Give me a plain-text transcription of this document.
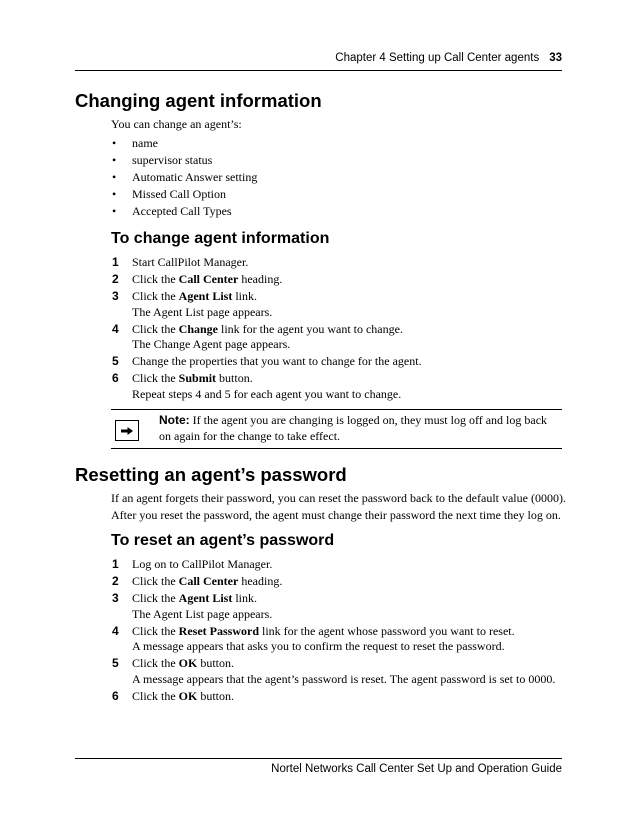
Chapter 4 Setting up Call Center agents 33
Changing agent information

You can change an agent’s:

• name
• supervisor status
• Automatic Answer setting
• Missed Call Option
• Accepted Call Types
To change agent information
1 Start CallPilot Manager.
2 Click the Call Center heading.
3 Click the Agent List link.
The Agent List page appears.
4 Click the Change link for the agent you want to change.
The Change Agent page appears.
5 Change the properties that you want to change for the agent.
6 Click the Submit button.
Repeat steps 4 and 5 for each agent you want to change.
Note: If the agent you are changing is logged on, they must log off and log back on again for the change to take effect.
Resetting an agent’s password

If an agent forgets their password, you can reset the password back to the default value (0000). After you reset the password, the agent must change their password the next time they log on.

To reset an agent’s password
1 Log on to CallPilot Manager.
2 Click the Call Center heading.
3 Click the Agent List link.
The Agent List page appears.
4 Click the Reset Password link for the agent whose password you want to reset.
A message appears that asks you to confirm the request to reset the password.
5 Click the OK button.
A message appears that the agent’s password is reset. The agent password is set to 0000.
6 Click the OK button.
Nortel Networks Call Center Set Up and Operation Guide
